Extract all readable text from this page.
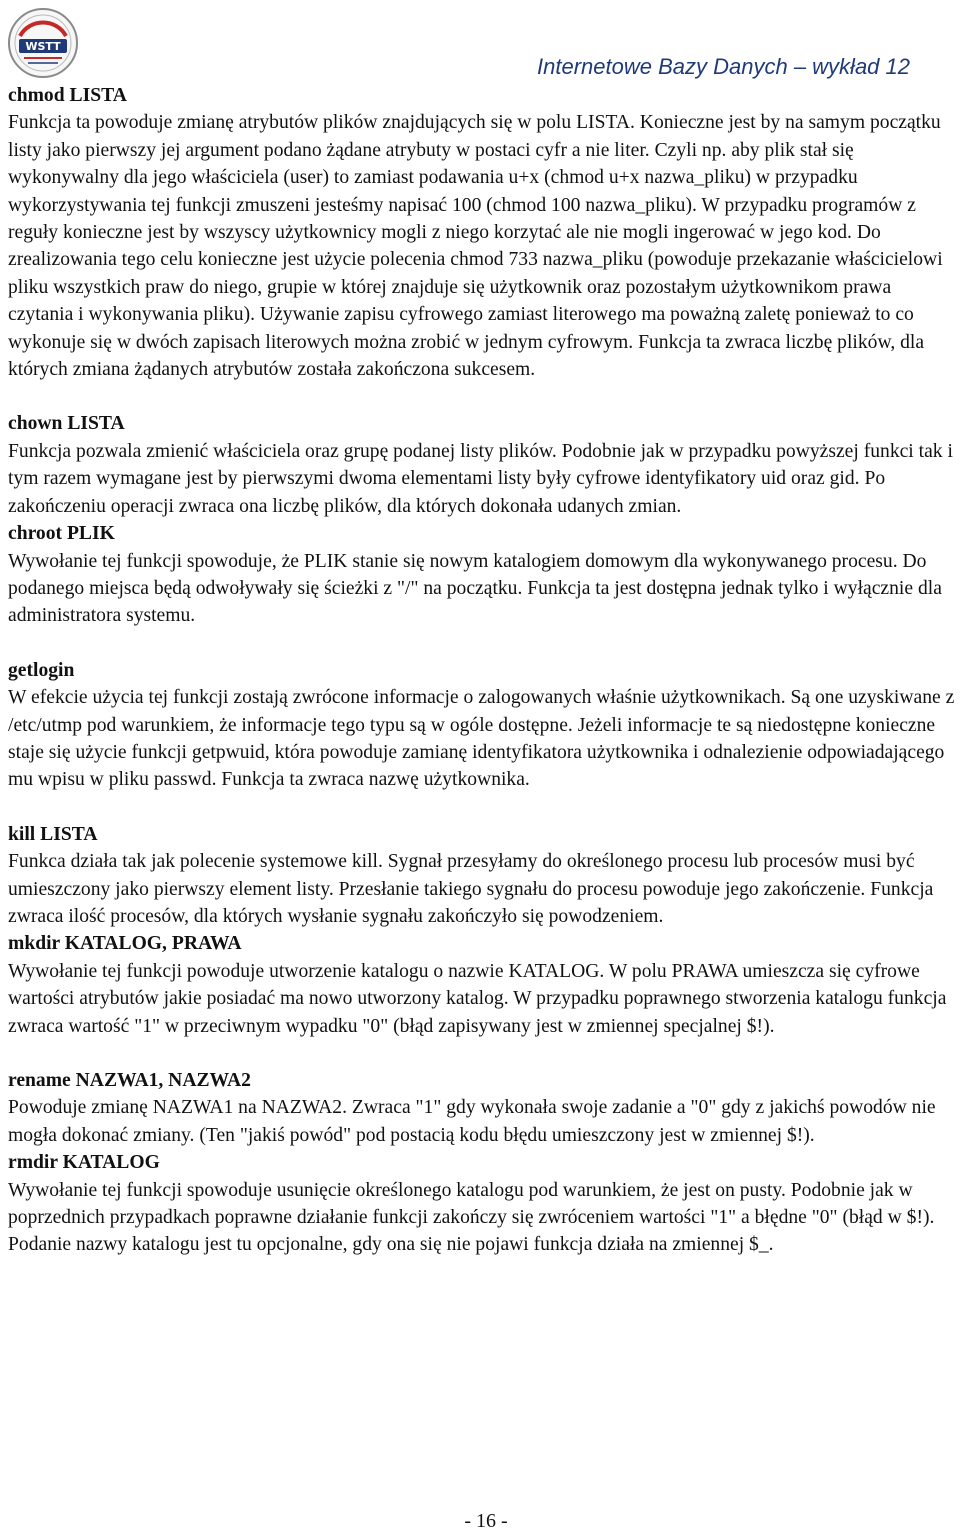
WSTT
Internetowe Bazy Danych – wykład 12
chmod LISTA
Funkcja ta powoduje zmianę atrybutów plików znajdujących się w polu LISTA. Konieczne jest by na samym początku listy jako pierwszy jej argument podano żądane atrybuty w postaci cyfr a nie liter. Czyli np. aby plik stał się wykonywalny dla jego właściciela (user) to zamiast podawania u+x (chmod u+x nazwa_pliku) w przypadku wykorzystywania tej funkcji zmuszeni jesteśmy napisać 100 (chmod 100 nazwa_pliku). W przypadku programów z reguły konieczne jest by wszyscy użytkownicy mogli z niego korzytać ale nie mogli ingerować w jego kod. Do zrealizowania tego celu konieczne jest użycie polecenia chmod 733 nazwa_pliku (powoduje przekazanie właścicielowi pliku wszystkich praw do niego, grupie w której znajduje się użytkownik oraz pozostałym użytkownikom prawa czytania i wykonywania pliku). Używanie zapisu cyfrowego zamiast literowego ma poważną zaletę ponieważ to co wykonuje się w dwóch zapisach literowych można zrobić w jednym cyfrowym. Funkcja ta zwraca liczbę plików, dla których zmiana żądanych atrybutów została zakończona sukcesem.
chown LISTA
Funkcja pozwala zmienić właściciela oraz grupę podanej listy plików. Podobnie jak w przypadku powyższej funkci tak i tym razem wymagane jest by pierwszymi dwoma elementami listy były cyfrowe identyfikatory uid oraz gid. Po zakończeniu operacji zwraca ona liczbę plików, dla których dokonała udanych zmian.
chroot PLIK
Wywołanie tej funkcji spowoduje, że PLIK stanie się nowym katalogiem domowym dla wykonywanego procesu. Do podanego miejsca będą odwoływały się ścieżki z "/" na początku. Funkcja ta jest dostępna jednak tylko i wyłącznie dla administratora systemu.
getlogin
W efekcie użycia tej funkcji zostają zwrócone informacje o zalogowanych właśnie użytkownikach. Są one uzyskiwane z /etc/utmp pod warunkiem, że informacje tego typu są w ogóle dostępne. Jeżeli informacje te są niedostępne konieczne staje się użycie funkcji getpwuid, która powoduje zamianę identyfikatora użytkownika i odnalezienie odpowiadającego mu wpisu w pliku passwd. Funkcja ta zwraca nazwę użytkownika.
kill LISTA
Funkca działa tak jak polecenie systemowe kill. Sygnał przesyłamy do określonego procesu lub procesów musi być umieszczony jako pierwszy element listy. Przesłanie takiego sygnału do procesu powoduje jego zakończenie. Funkcja zwraca ilość procesów, dla których wysłanie sygnału zakończyło się powodzeniem.
mkdir KATALOG, PRAWA
Wywołanie tej funkcji powoduje utworzenie katalogu o nazwie KATALOG. W polu PRAWA umieszcza się cyfrowe wartości atrybutów jakie posiadać ma nowo utworzony katalog. W przypadku poprawnego stworzenia katalogu funkcja zwraca wartość "1" w przeciwnym wypadku "0" (błąd zapisywany jest w zmiennej specjalnej $!).
rename NAZWA1, NAZWA2
Powoduje zmianę NAZWA1 na NAZWA2. Zwraca "1" gdy wykonała swoje zadanie a "0" gdy z jakichś powodów nie mogła dokonać zmiany. (Ten "jakiś powód" pod postacią kodu błędu umieszczony jest w zmiennej $!).
rmdir KATALOG
Wywołanie tej funkcji spowoduje usunięcie określonego katalogu pod warunkiem, że jest on pusty. Podobnie jak w poprzednich przypadkach poprawne działanie funkcji zakończy się zwróceniem wartości "1" a błędne "0" (błąd w $!). Podanie nazwy katalogu jest tu opcjonalne, gdy ona się nie pojawi funkcja działa na zmiennej $_.
- 16 -
